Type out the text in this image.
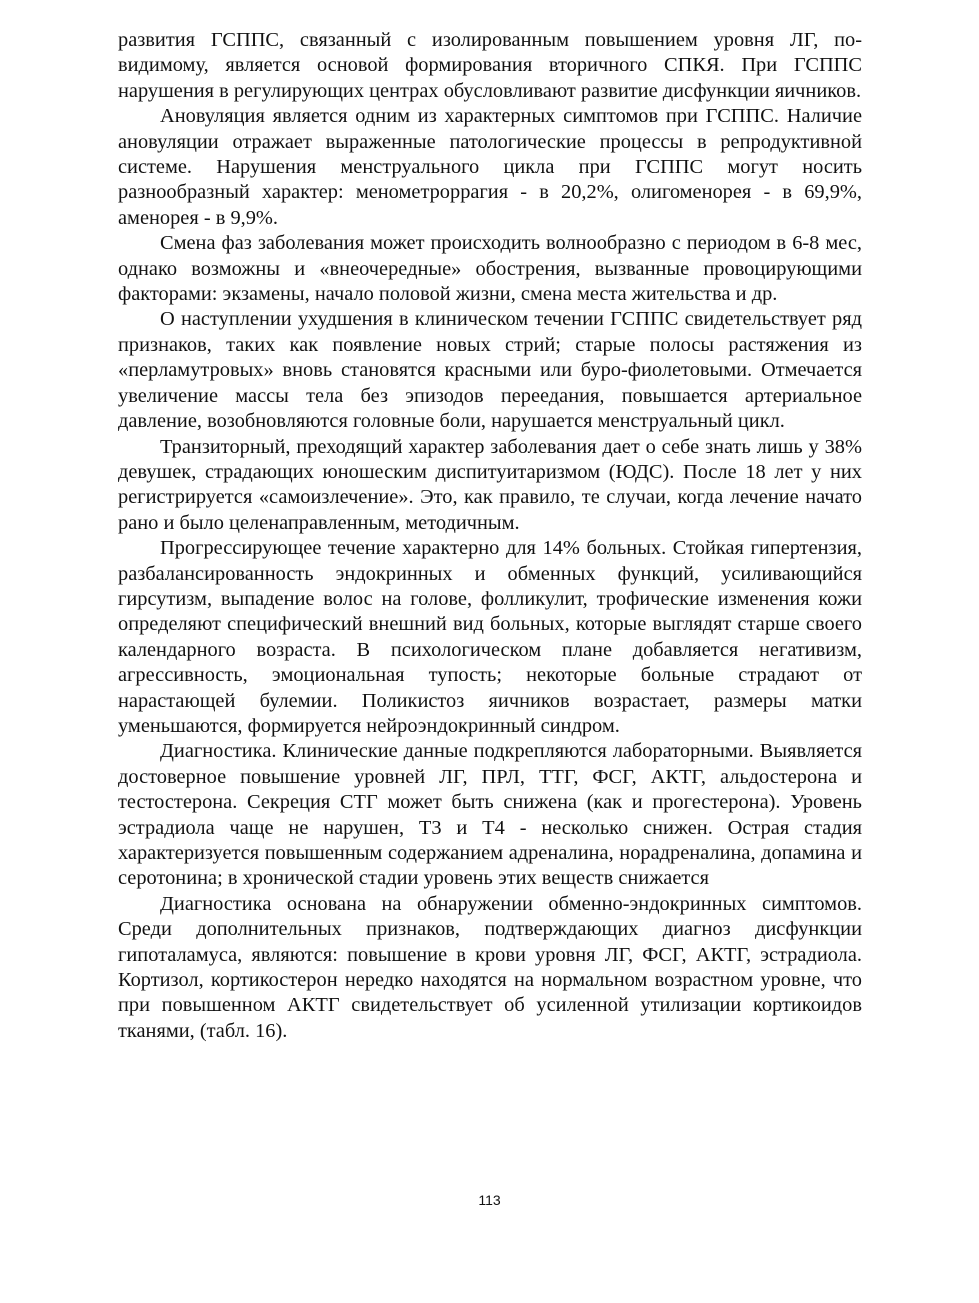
развития ГСППС, связанный с изолированным повышением уровня ЛГ, по-видимому, является основой формирования вторичного СПКЯ. При ГСППС нарушения в регулирующих центрах обусловливают развитие дисфункции яичников.

Ановуляция является одним из характерных симптомов при ГСППС. Наличие ановуляции отражает выраженные патологические процессы в репродуктивной системе. Нарушения менструального цикла при ГСППС могут носить разнообразный характер: менометроррагия - в 20,2%, олигоменорея - в 69,9%, аменорея - в 9,9%.

Смена фаз заболевания может происходить волнообразно с периодом в 6-8 мес, однако возможны и «внеочередные» обострения, вызванные провоцирующими факторами: экзамены, начало половой жизни, смена места жительства и др.

О наступлении ухудшения в клиническом течении ГСППС свидетельствует ряд признаков, таких как появление новых стрий; старые полосы растяжения из «перламутровых» вновь становятся красными или буро-фиолетовыми. Отмечается увеличение массы тела без эпизодов переедания, повышается артериальное давление, возобновляются головные боли, нарушается менструальный цикл.

Транзиторный, преходящий характер заболевания дает о себе знать лишь у 38% девушек, страдающих юношеским диспитуитаризмом (ЮДС). После 18 лет у них регистрируется «самоизлечение». Это, как правило, те случаи, когда лечение начато рано и было целенаправленным, методичным.

Прогрессирующее течение характерно для 14% больных. Стойкая гипертензия, разбалансированность эндокринных и обменных функций, усиливающийся гирсутизм, выпадение волос на голове, фолликулит, трофические изменения кожи определяют специфический внешний вид больных, которые выглядят старше своего календарного возраста. В психологическом плане добавляется негативизм, агрессивность, эмоциональная тупость; некоторые больные страдают от нарастающей булемии. Поликистоз яичников возрастает, размеры матки уменьшаются, формируется нейроэндокринный синдром.

Диагностика. Клинические данные подкрепляются лабораторными. Выявляется достоверное повышение уровней ЛГ, ПРЛ, ТТГ, ФСГ, АКТГ, альдостерона и тестостерона. Секреция СТГ может быть снижена (как и прогестерона). Уровень эстрадиола чаще не нарушен, Т3 и Т4 - несколько снижен. Острая стадия характеризуется повышенным содержанием адреналина, норадреналина, допамина и серотонина; в хронической стадии уровень этих веществ снижается

Диагностика основана на обнаружении обменно-эндокринных симптомов. Среди дополнительных признаков, подтверждающих диагноз дисфункции гипоталамуса, являются: повышение в крови уровня ЛГ, ФСГ, АКТГ, эстрадиола. Кортизол, кортикостерон нередко находятся на нормальном возрастном уровне, что при повышенном АКТГ свидетельствует об усиленной утилизации кортикоидов тканями, (табл. 16).

113
